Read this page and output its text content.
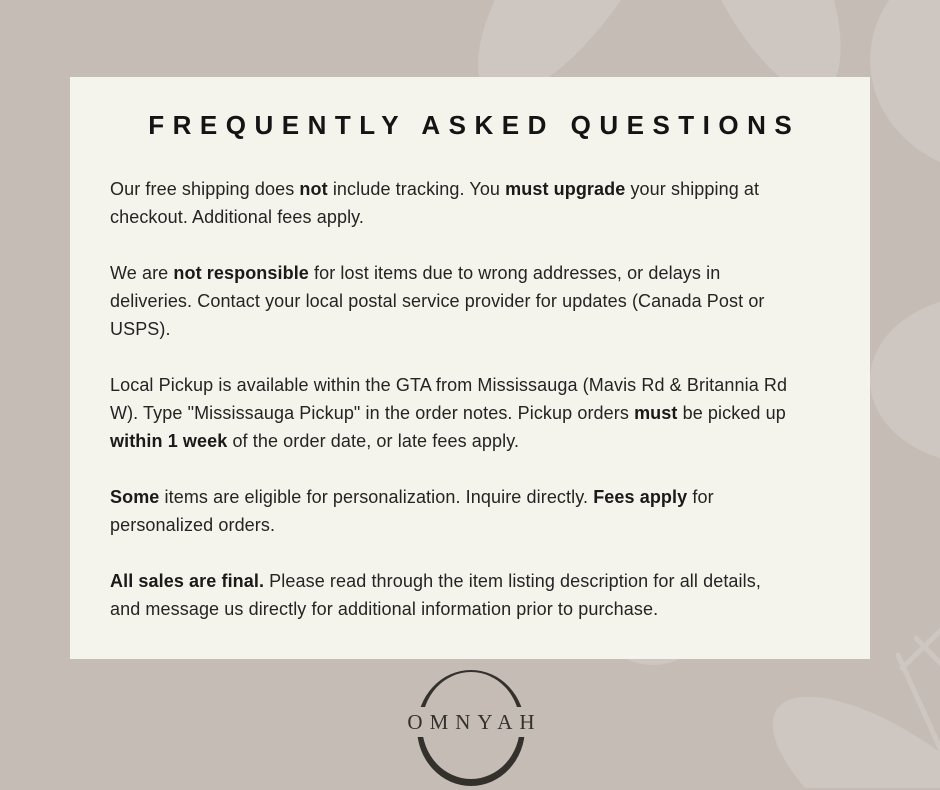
FREQUENTLY ASKED QUESTIONS

Our free shipping does not include tracking. You must upgrade your shipping at
checkout. Additional fees apply.

We are not responsible for lost items due to wrong addresses, or delays in
deliveries. Contact your local postal service provider for updates (Canada Post or
USPS).

Local Pickup is available within the GTA from Mississauga (Mavis Rd & Britannia Rd
W). Type "Mississauga Pickup" in the order notes. Pickup orders must be picked up
within 1 week of the order date, or late fees apply.

Some items are eligible for personalization. Inquire directly. Fees apply for
personalized orders.

All sales are final. Please read through the item listing description for all details,
and message us directly for additional information prior to purchase.

OMNYAH
